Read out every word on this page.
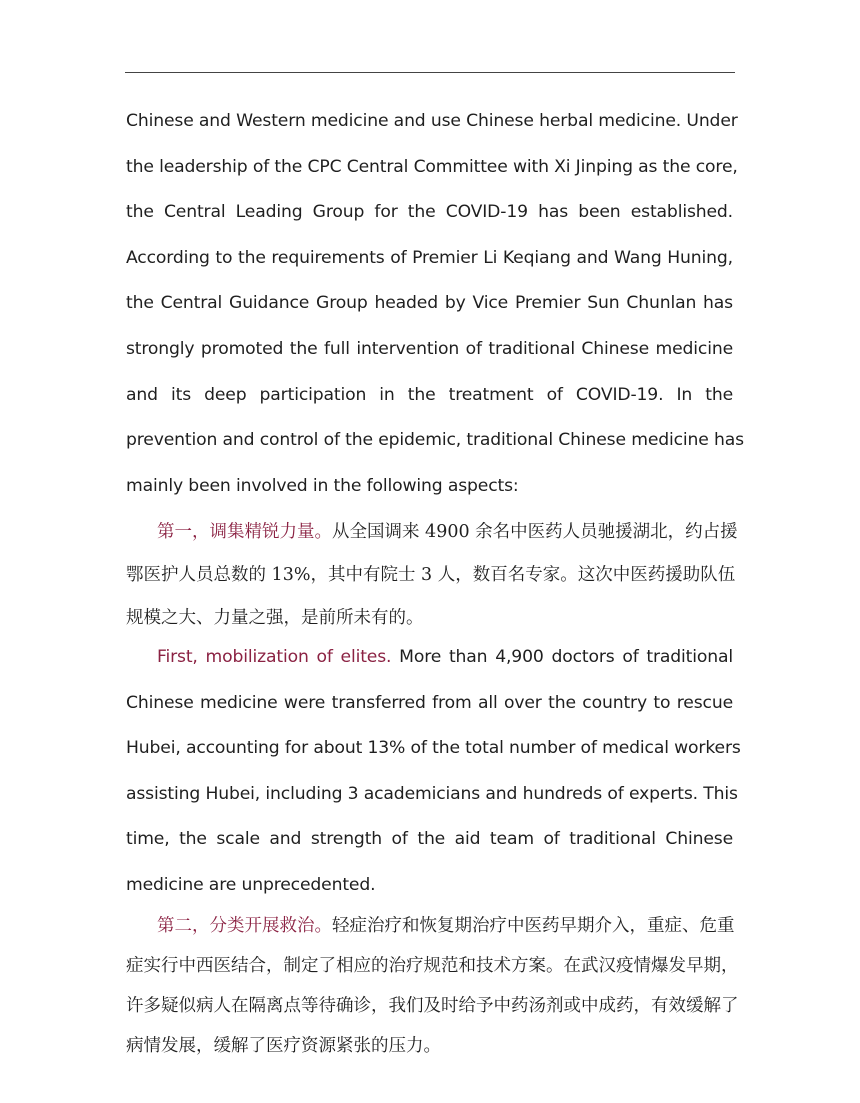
Chinese and Western medicine and use Chinese herbal medicine. Under
the leadership of the CPC Central Committee with Xi Jinping as the core,
the Central Leading Group for the COVID-19 has been established.
According to the requirements of Premier Li Keqiang and Wang Huning,
the Central Guidance Group headed by Vice Premier Sun Chunlan has
strongly promoted the full intervention of traditional Chinese medicine
and its deep participation in the treatment of COVID-19. In the
prevention and control of the epidemic, traditional Chinese medicine has
mainly been involved in the following aspects:
第一，调集精锐力量。从全国调来 4900 余名中医药人员驰援湖北，约占援
鄂医护人员总数的 13%，其中有院士 3 人，数百名专家。这次中医药援助队伍
规模之大、力量之强，是前所未有的。
First, mobilization of elites. More than 4,900 doctors of traditional
Chinese medicine were transferred from all over the country to rescue
Hubei, accounting for about 13% of the total number of medical workers
assisting Hubei, including 3 academicians and hundreds of experts. This
time, the scale and strength of the aid team of traditional Chinese
medicine are unprecedented.
第二，分类开展救治。轻症治疗和恢复期治疗中医药早期介入，重症、危重
症实行中西医结合，制定了相应的治疗规范和技术方案。在武汉疫情爆发早期，
许多疑似病人在隔离点等待确诊，我们及时给予中药汤剂或中成药，有效缓解了
病情发展，缓解了医疗资源紧张的压力。
